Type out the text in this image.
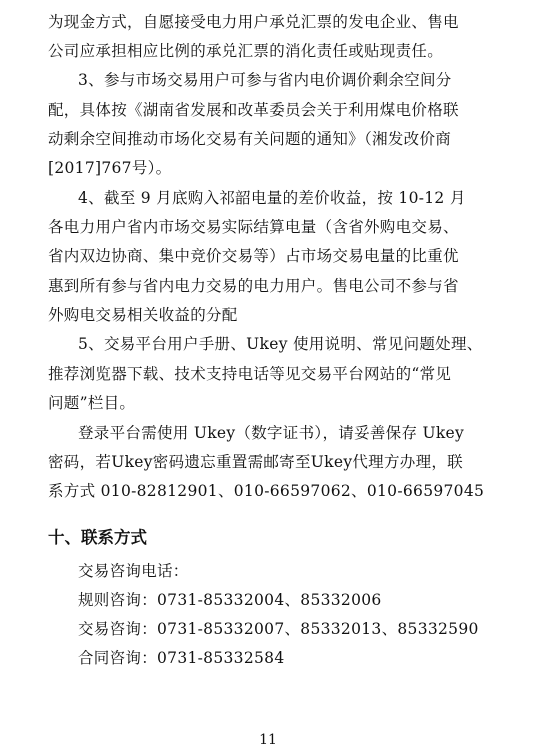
为现金方式，自愿接受电力用户承兑汇票的发电企业、售电
公司应承担相应比例的承兑汇票的消化责任或贴现责任。
3、参与市场交易用户可参与省内电价调价剩余空间分
配，具体按《湖南省发展和改革委员会关于利用煤电价格联
动剩余空间推动市场化交易有关问题的通知》（湘发改价商
[2017]767号）。
4、截至 9 月底购入祁韶电量的差价收益，按 10-12 月
各电力用户省内市场交易实际结算电量（含省外购电交易、
省内双边协商、集中竞价交易等）占市场交易电量的比重优
惠到所有参与省内电力交易的电力用户。售电公司不参与省
外购电交易相关收益的分配
5、交易平台用户手册、Ukey 使用说明、常见问题处理、
推荐浏览器下载、技术支持电话等见交易平台网站的“常见
问题”栏目。
登录平台需使用 Ukey（数字证书），请妥善保存 Ukey
密码，若Ukey密码遗忘重置需邮寄至Ukey代理方办理，联
系方式 010-82812901、010-66597062、010-66597045
十、联系方式
交易咨询电话：
规则咨询：0731-85332004、85332006
交易咨询：0731-85332007、85332013、85332590
合同咨询：0731-85332584
11
